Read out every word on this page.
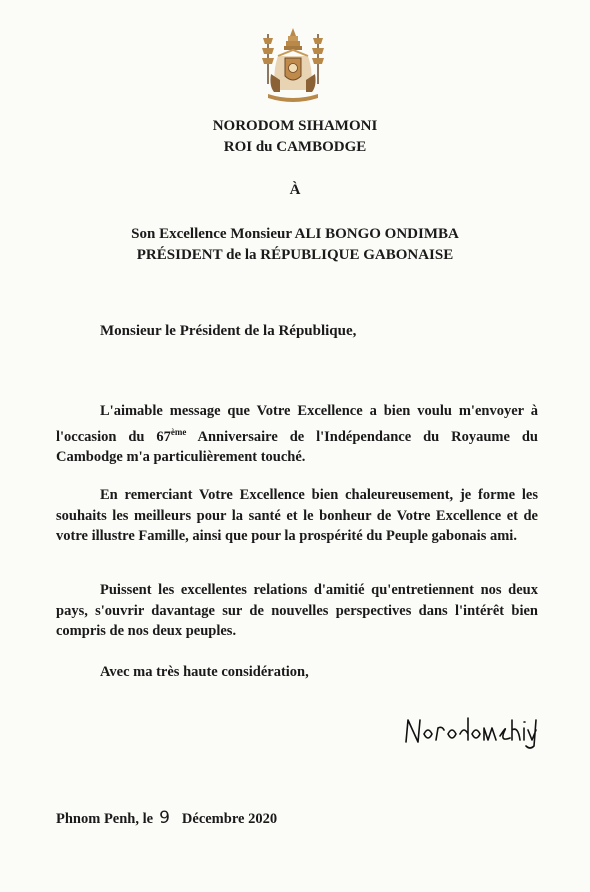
NORODOM SIHAMONI
ROI du CAMBODGE
À
Son Excellence Monsieur ALI BONGO ONDIMBA
PRÉSIDENT de la RÉPUBLIQUE GABONAISE
Monsieur le Président de la République,
L'aimable message que Votre Excellence a bien voulu m'envoyer à l'occasion du 67ème Anniversaire de l'Indépendance du Royaume du Cambodge m'a particulièrement touché.
En remerciant Votre Excellence bien chaleureusement, je forme les souhaits les meilleurs pour la santé et le bonheur de Votre Excellence et de votre illustre Famille, ainsi que pour la prospérité du Peuple gabonais ami.
Puissent les excellentes relations d'amitié qu'entretiennent nos deux pays, s'ouvrir davantage sur de nouvelles perspectives dans l'intérêt bien compris de nos deux peuples.
Avec ma très haute considération,
Phnom Penh, le 9 Décembre 2020
